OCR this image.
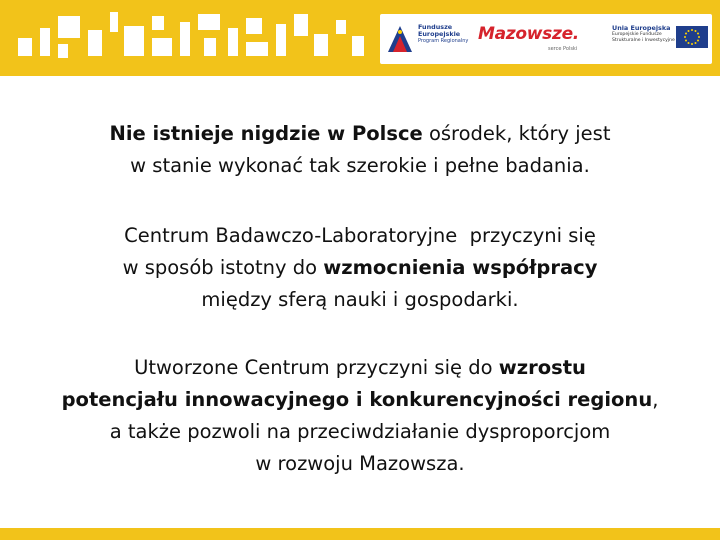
Fundusze
Europejskie
Program Regionalny Mazowsze.
serce Polski
Unia Europejska
Europejskie Fundusze
Strukturalne i Inwestycyjne
Nie istnieje nigdzie w Polsce ośrodek, który jest
w stanie wykonać tak szerokie i pełne badania.
Centrum Badawczo-Laboratoryjne  przyczyni się
w sposób istotny do wzmocnienia współpracy
między sferą nauki i gospodarki.
Utworzone Centrum przyczyni się do wzrostu
potencjału innowacyjnego i konkurencyjności regionu,
a także pozwoli na przeciwdziałanie dysproporcjom
w rozwoju Mazowsza.
